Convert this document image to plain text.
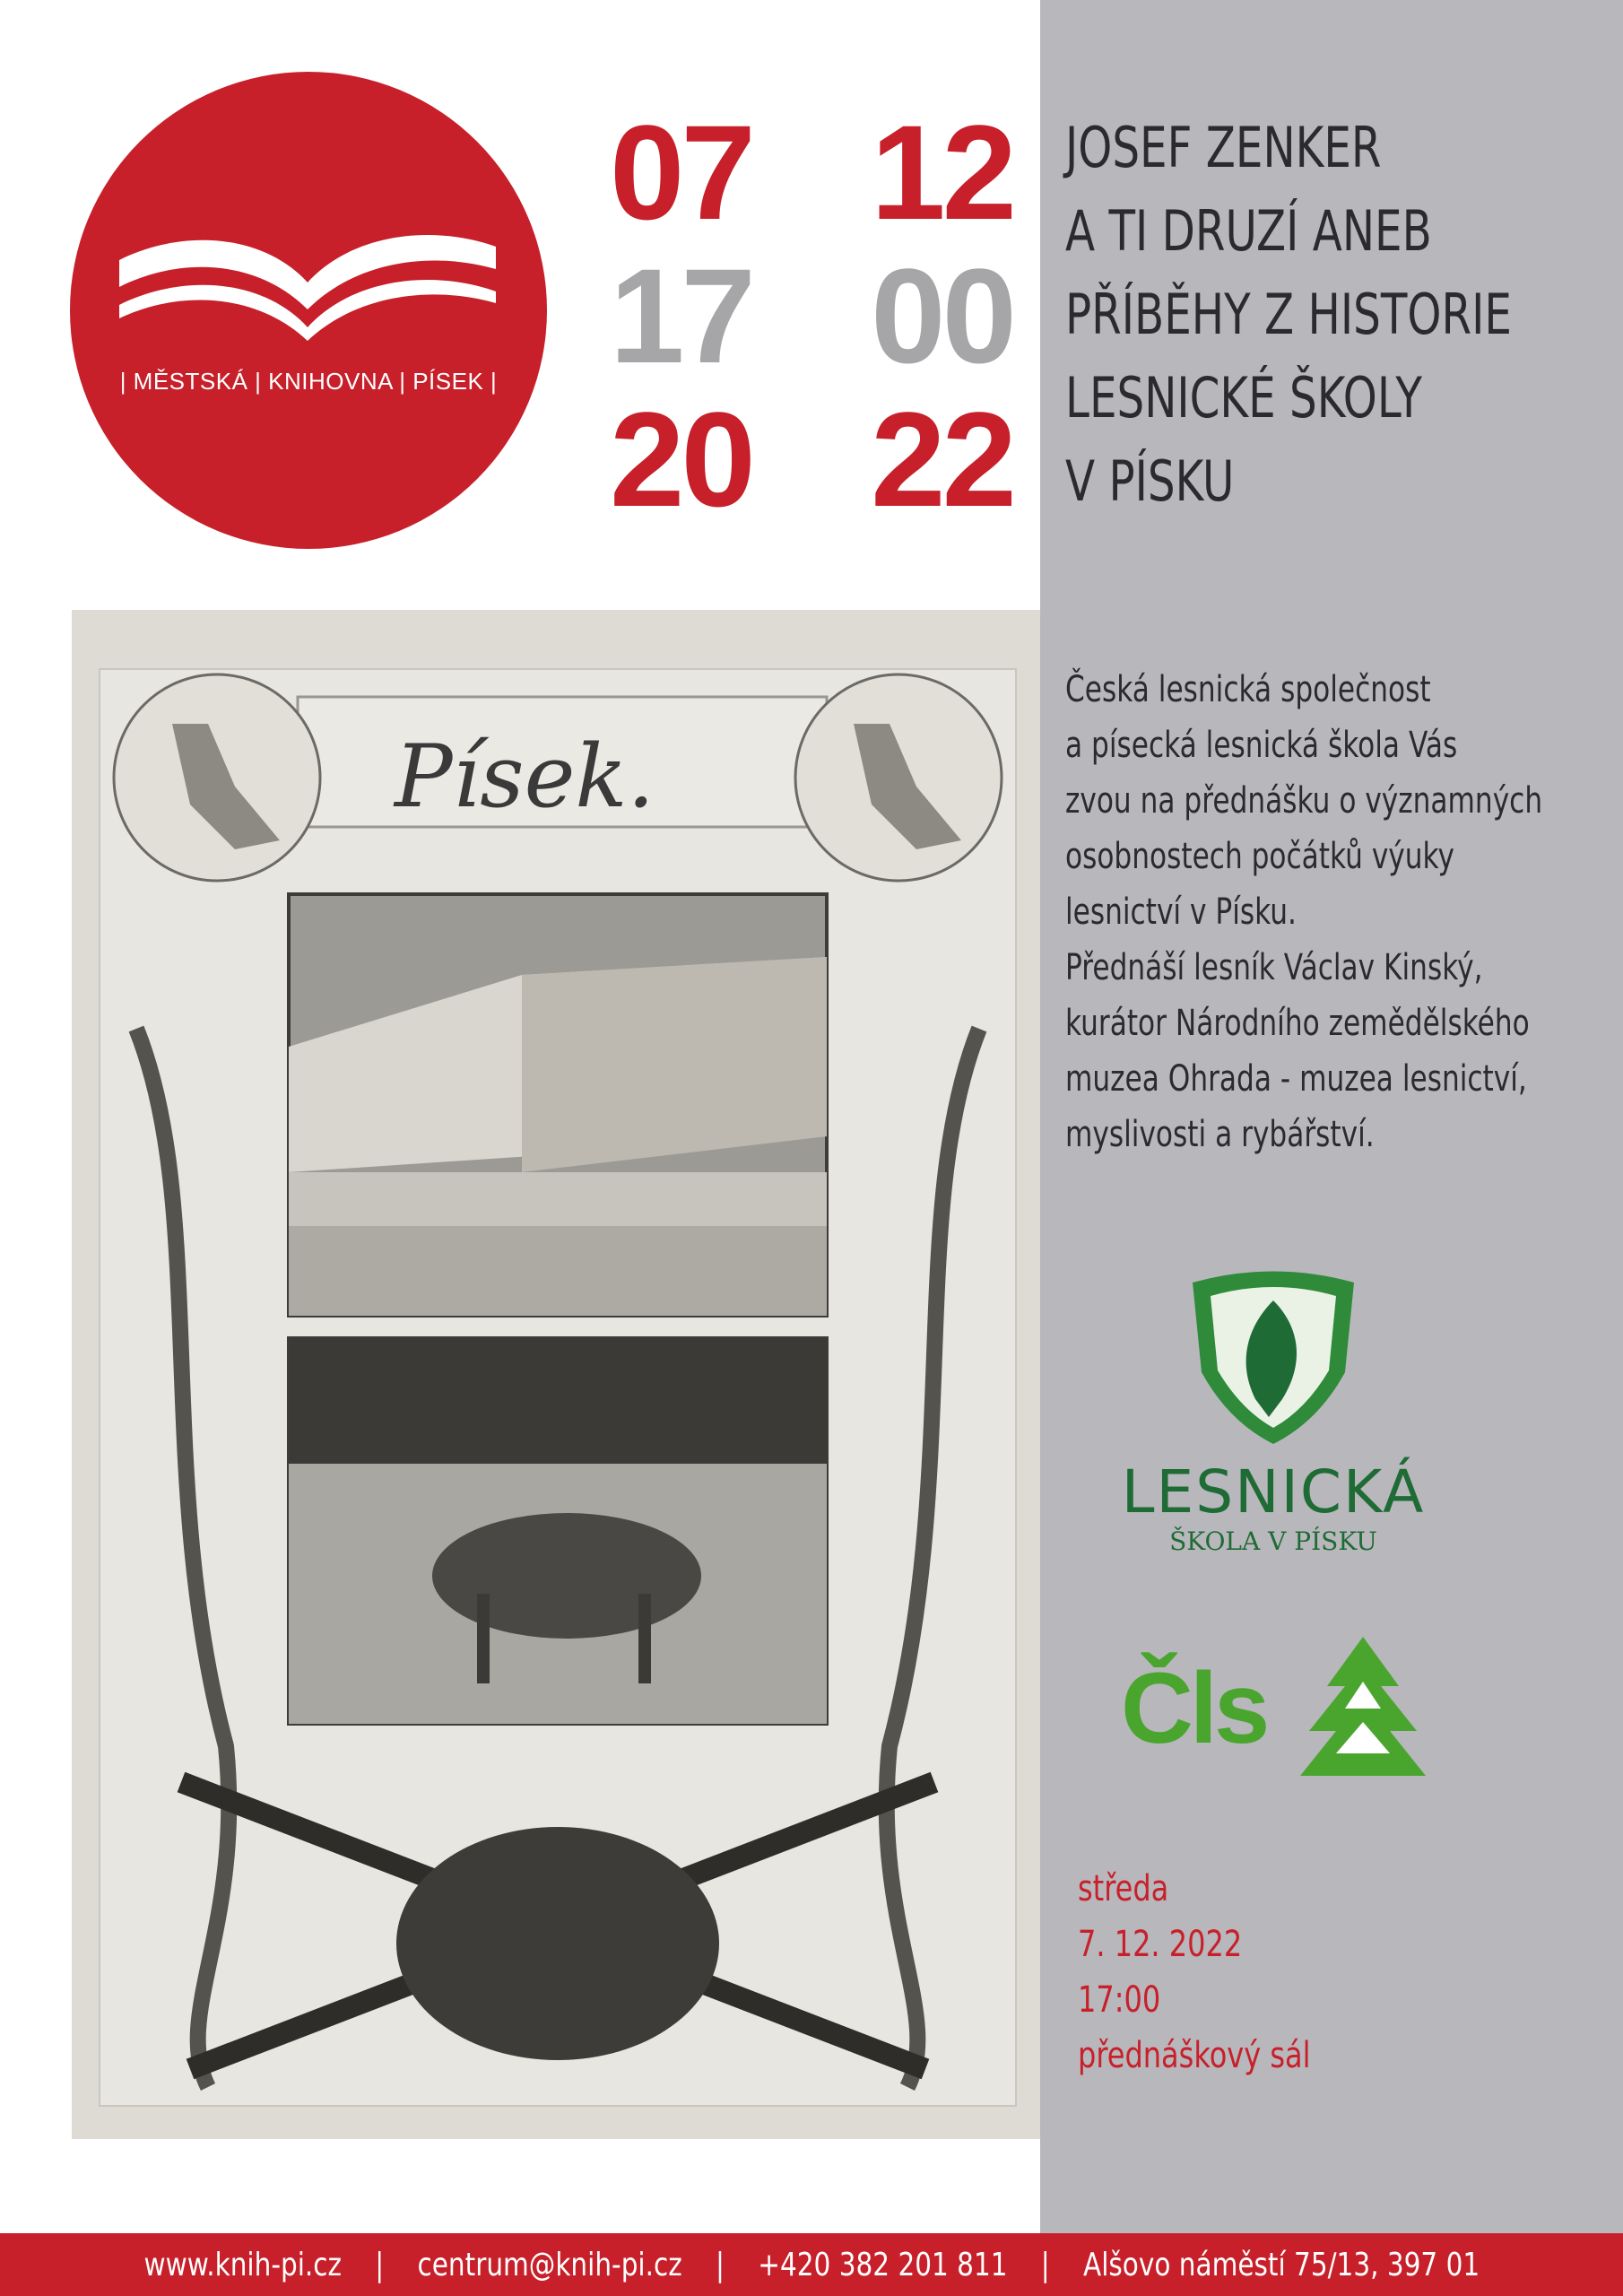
| MĚSTSKÁ | KNIHOVNA | PÍSEK |
07 12
17 00
20 22
JOSEF ZENKER
A TI DRUZÍ ANEB
PŘÍBĚHY Z HISTORIE
LESNICKÉ ŠKOLY
V PÍSKU
Písek.
Česká lesnická společnost
a písecká lesnická škola Vás
zvou na přednášku o významných
osobnostech počátků výuky
lesnictví v Písku.
Přednáší lesník Václav Kinský,
kurátor Národního zemědělského
muzea Ohrada - muzea lesnictví,
myslivosti a rybářství.
LESNICKÁ
ŠKOLA V PÍSKU
Čls
středa
7. 12. 2022
17:00
přednáškový sál
www.knih-pi.cz | centrum@knih-pi.cz | +420 382 201 811 | Alšovo náměstí 75/13, 397 01
